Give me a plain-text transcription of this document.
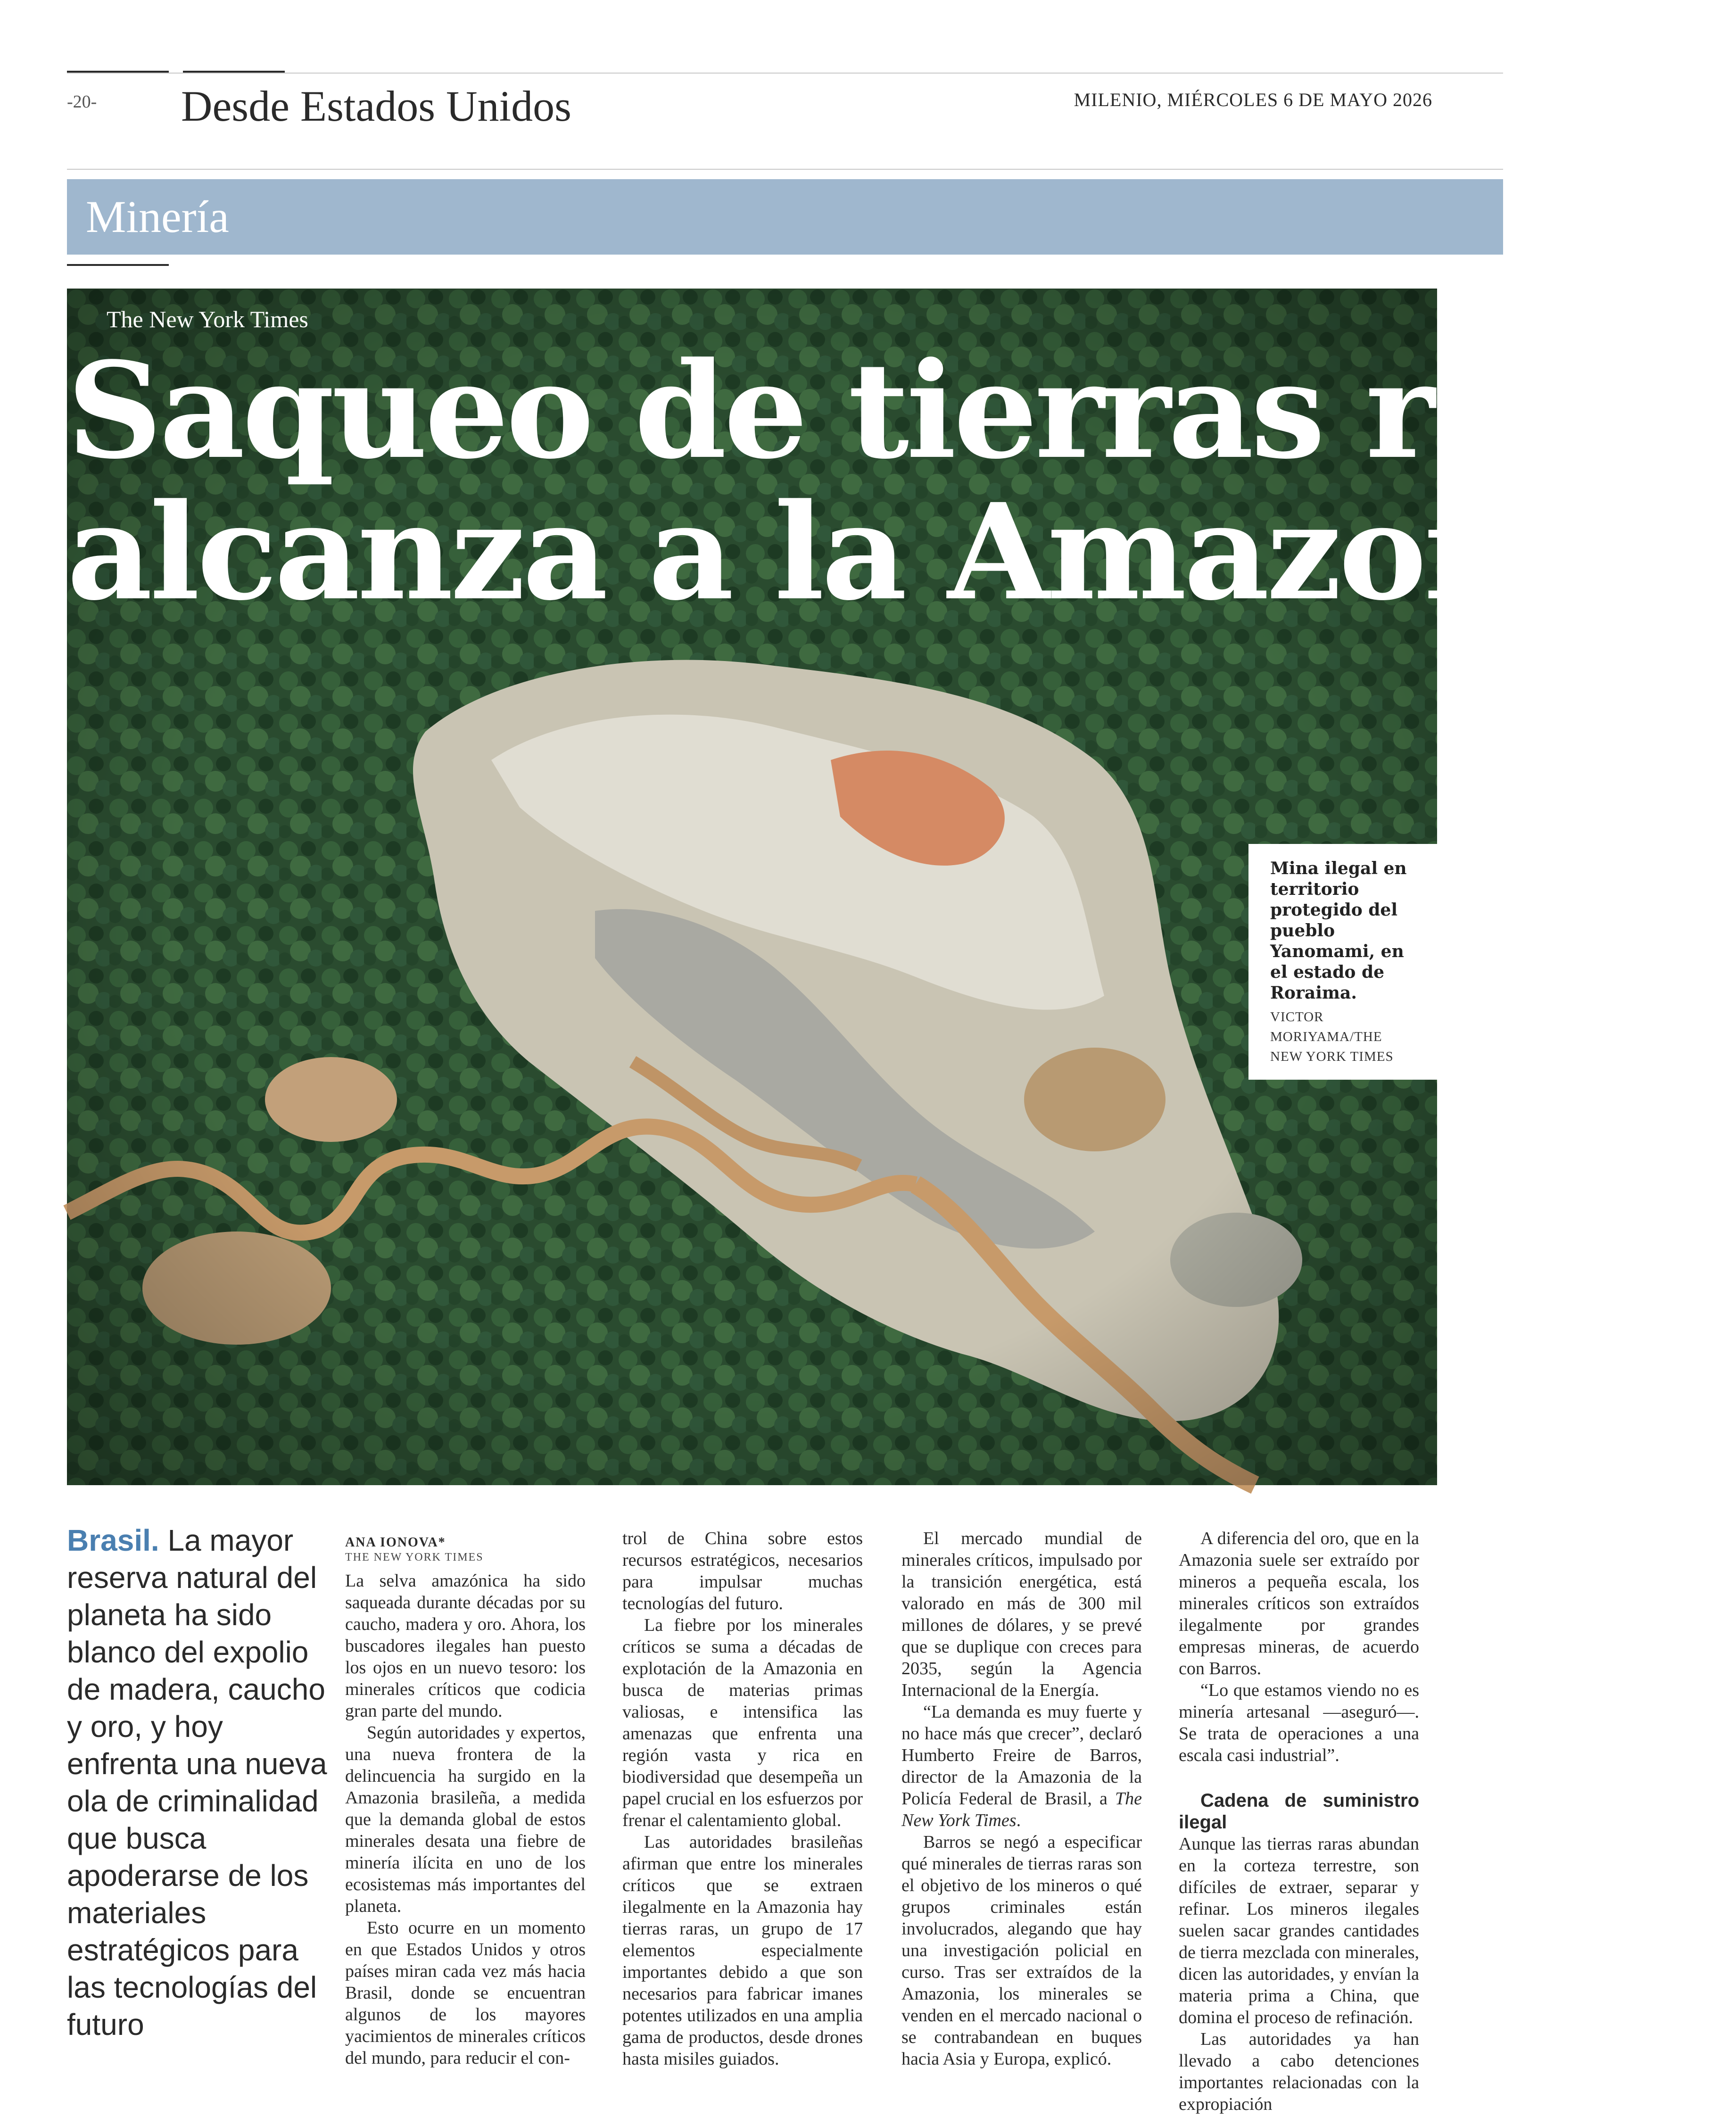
-20- Desde Estados Unidos	MILENIO, MIÉRCOLES 6 DE MAYO 2026
Minería
The New York Times
Saqueo de tierras raras
alcanza a la Amazonia
Mina ilegal en territorio protegido del pueblo Yanomami, en el estado de Roraima.
VICTOR MORIYAMA/THE NEW YORK TIMES
Brasil. La mayor reserva natural del planeta ha sido blanco del expolio de madera, caucho y oro, y hoy enfrenta una nueva ola de criminalidad que busca apoderarse de los materiales estratégicos para las tecnologías del futuro
ANA IONOVA*
THE NEW YORK TIMES

La selva amazónica ha sido saqueada durante décadas por su caucho, madera y oro. Ahora, los buscadores ilegales han puesto los ojos en un nuevo tesoro: los minerales críticos que codicia gran parte del mundo.

Según autoridades y expertos, una nueva frontera de la delincuencia ha surgido en la Amazonia brasileña, a medida que la demanda global de estos minerales desata una fiebre de minería ilícita en uno de los ecosistemas más importantes del planeta.

Esto ocurre en un momento en que Estados Unidos y otros países miran cada vez más hacia Brasil, donde se encuentran algunos de los mayores yacimientos de minerales críticos del mundo, para reducir el con-

trol de China sobre estos recursos estratégicos, necesarios para impulsar muchas tecnologías del futuro.

La fiebre por los minerales críticos se suma a décadas de explotación de la Amazonia en busca de materias primas valiosas, e intensifica las amenazas que enfrenta una región vasta y rica en biodiversidad que desempeña un papel crucial en los esfuerzos por frenar el calentamiento global.

Las autoridades brasileñas afirman que entre los minerales críticos que se extraen ilegalmente en la Amazonia hay tierras raras, un grupo de 17 elementos especialmente importantes debido a que son necesarios para fabricar imanes potentes utilizados en una amplia gama de productos, desde drones hasta misiles guiados.

El mercado mundial de minerales críticos, impulsado por la transición energética, está valorado en más de 300 mil millones de dólares, y se prevé que se duplique con creces para 2035, según la Agencia Internacional de la Energía.

“La demanda es muy fuerte y no hace más que crecer”, declaró Humberto Freire de Barros, director de la Amazonia de la Policía Federal de Brasil, a The New York Times.

Barros se negó a especificar qué minerales de tierras raras son el objetivo de los mineros o qué grupos criminales están involucrados, alegando que hay una investigación policial en curso. Tras ser extraídos de la Amazonia, los minerales se venden en el mercado nacional o se contrabandean en buques hacia Asia y Europa, explicó.

A diferencia del oro, que en la Amazonia suele ser extraído por mineros a pequeña escala, los minerales críticos son extraídos ilegalmente por grandes empresas mineras, de acuerdo con Barros.

“Lo que estamos viendo no es minería artesanal —aseguró—. Se trata de operaciones a una escala casi industrial”.

Cadena de suministro ilegal

Aunque las tierras raras abundan en la corteza terrestre, son difíciles de extraer, separar y refinar. Los mineros ilegales suelen sacar grandes cantidades de tierra mezclada con minerales, dicen las autoridades, y envían la materia prima a China, que domina el proceso de refinación.

Las autoridades ya han llevado a cabo detenciones importantes relacionadas con la expropiación
